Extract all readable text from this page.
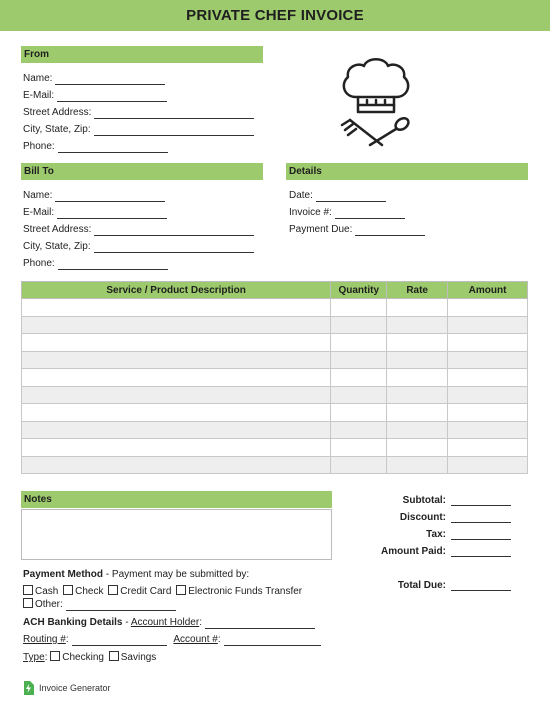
PRIVATE CHEF INVOICE
From
Name:
E-Mail:
Street Address:
City, State, Zip:
Phone:
Bill To
Name:
E-Mail:
Street Address:
City, State, Zip:
Phone:
Details
Date:
Invoice #:
Payment Due:
Service / Product Description	Quantity	Rate	Amount

Notes	Subtotal:
Discount:
Tax:
Amount Paid:
Total Due:
Payment Method - Payment may be submitted by:
Cash Check Credit Card Electronic Funds Transfer
Other:
ACH Banking Details - Account Holder:
Routing #:	Account #:
Type: Checking Savings
Invoice Generator
